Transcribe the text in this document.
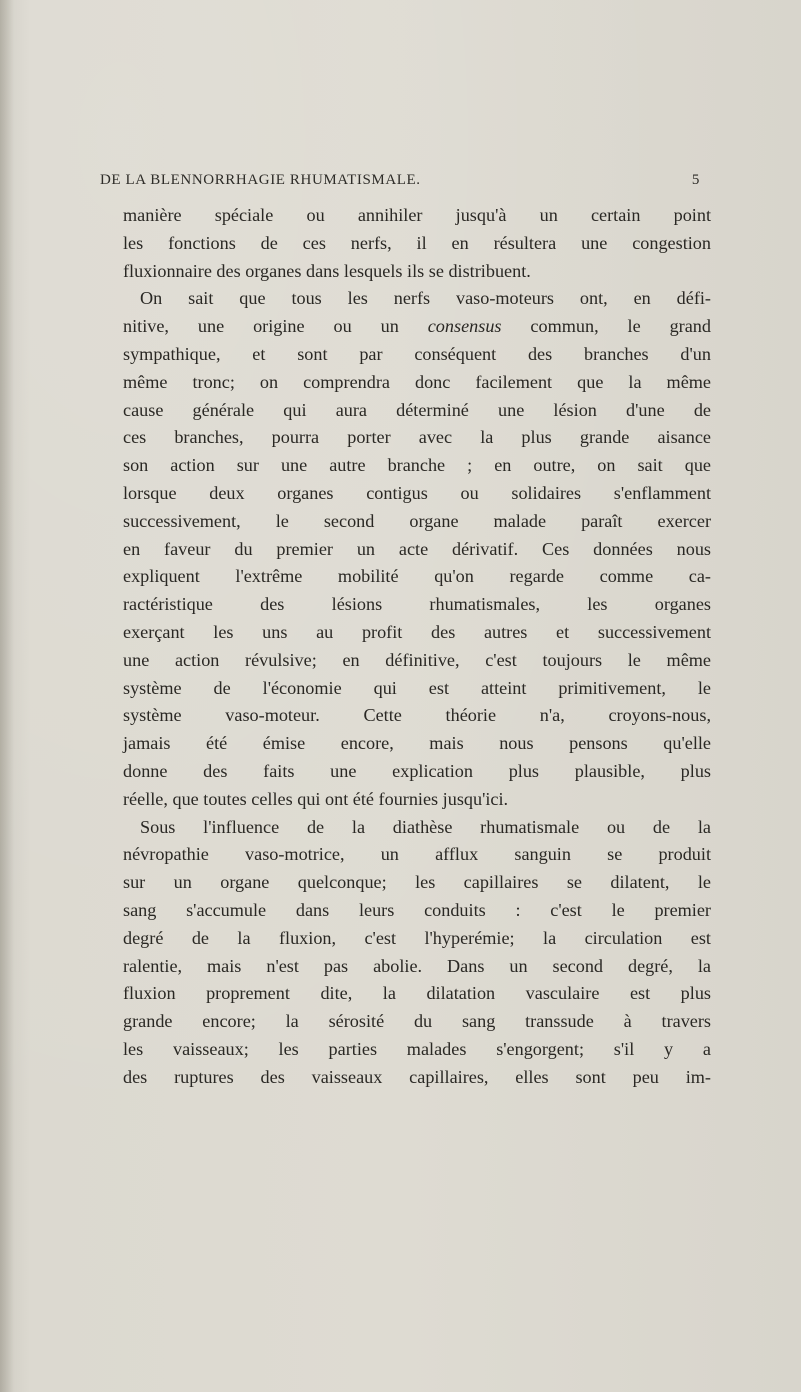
DE LA BLENNORRHAGIE RHUMATISMALE.	5
manière spéciale ou annihiler jusqu'à un certain point
les fonctions de ces nerfs, il en résultera une congestion
fluxionnaire des organes dans lesquels ils se distribuent.
On sait que tous les nerfs vaso-moteurs ont, en défi-
nitive, une origine ou un consensus commun, le grand
sympathique, et sont par conséquent des branches d'un
même tronc; on comprendra donc facilement que la même
cause générale qui aura déterminé une lésion d'une de
ces branches, pourra porter avec la plus grande aisance
son action sur une autre branche ; en outre, on sait que
lorsque deux organes contigus ou solidaires s'enflamment
successivement, le second organe malade paraît exercer
en faveur du premier un acte dérivatif. Ces données nous
expliquent l'extrême mobilité qu'on regarde comme ca-
ractéristique des lésions rhumatismales, les organes
exerçant les uns au profit des autres et successivement
une action révulsive; en définitive, c'est toujours le même
système de l'économie qui est atteint primitivement, le
système vaso-moteur. Cette théorie n'a, croyons-nous,
jamais été émise encore, mais nous pensons qu'elle
donne des faits une explication plus plausible, plus
réelle, que toutes celles qui ont été fournies jusqu'ici.
Sous l'influence de la diathèse rhumatismale ou de la
névropathie vaso-motrice, un afflux sanguin se produit
sur un organe quelconque; les capillaires se dilatent, le
sang s'accumule dans leurs conduits : c'est le premier
degré de la fluxion, c'est l'hyperémie; la circulation est
ralentie, mais n'est pas abolie. Dans un second degré, la
fluxion proprement dite, la dilatation vasculaire est plus
grande encore; la sérosité du sang transsude à travers
les vaisseaux; les parties malades s'engorgent; s'il y a
des ruptures des vaisseaux capillaires, elles sont peu im-
